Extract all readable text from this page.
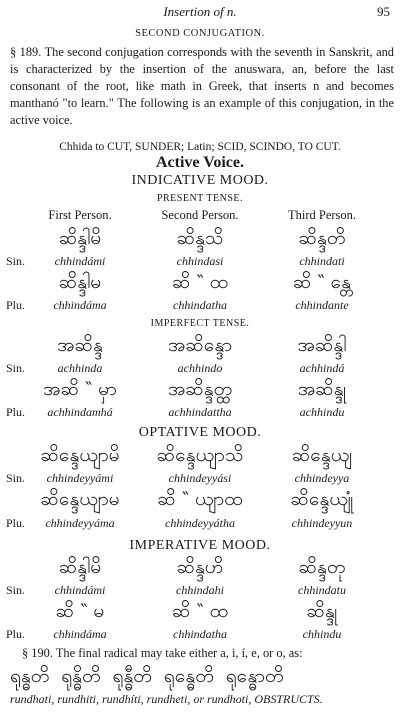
Insertion of n.	95
SECOND CONJUGATION.
§ 189. The second conjugation corresponds with the seventh in Sanskrit, and is characterized by the insertion of the anuswara, an, before the last consonant of the root, like math in Greek, that inserts n and becomes manthanó "to learn." The following is an example of this conjugation, in the active voice.
Chhida to CUT, SUNDER; Latin; SCID, SCINDO, TO CUT.
Active Voice.
INDICATIVE MOOD.
PRESENT TENSE.
First Person.	Second Person.	Third Person.
ဆိန္ဒါမိ	ဆိန္ဒသိ	ဆိန္ဒတိ
Sin.	chhindámi	chhindasi	chhindati
ဆိန္ဒါမ	ဆိ ‶ ထ	ဆိ ‶ န္တေ
Plu.	chhindáma	chhindatha	chhindante
IMPERFECT TENSE.
အဆိန္ဒ	အဆိန္ဒော	အဆိန္ဒါ
Sin.	achhinda	achhindo	achhindá
အဆိ ‶ မှာ	အဆိန္ဒတ္ထ	အဆိန္ဒု
Plu.	achhindamhá	achhindattha	achhindu
OPTATIVE MOOD.
ဆိန္ဒေယျာမိ	ဆိန္ဒေယျာသိ	ဆိန္ဒေယျ
Sin.	chhindeyyámi	chhindeyyási	chhindeyya
ဆိန္ဒေယျာမ	ဆိ ‶ ယျာထ	ဆိန္ဒေယျုံ
Plu.	chhindeyyáma	chhindeyyátha	chhindeyyun
IMPERATIVE MOOD.
ဆိန္ဒါမိ	ဆိန္ဒဟိ	ဆိန္ဒတု
Sin.	chhindámi	chhindahi	chhindatu
ဆိ ‶ မ	ဆိ ‶ ထ	ဆိန္ဒု
Plu.	chhindáma	chhindatha	chhindu
§ 190. The final radical may take either a, i, í, e, or o, as:
ရုန္ဓတိ ရုန္ဓိတိ ရုန္ဓီတိ ရုန္ဓေတိ ရုန္ဓောတိ
rundhati, rundhiti, rundhíti, rundheti, or rundhoti, OBSTRUCTS.
